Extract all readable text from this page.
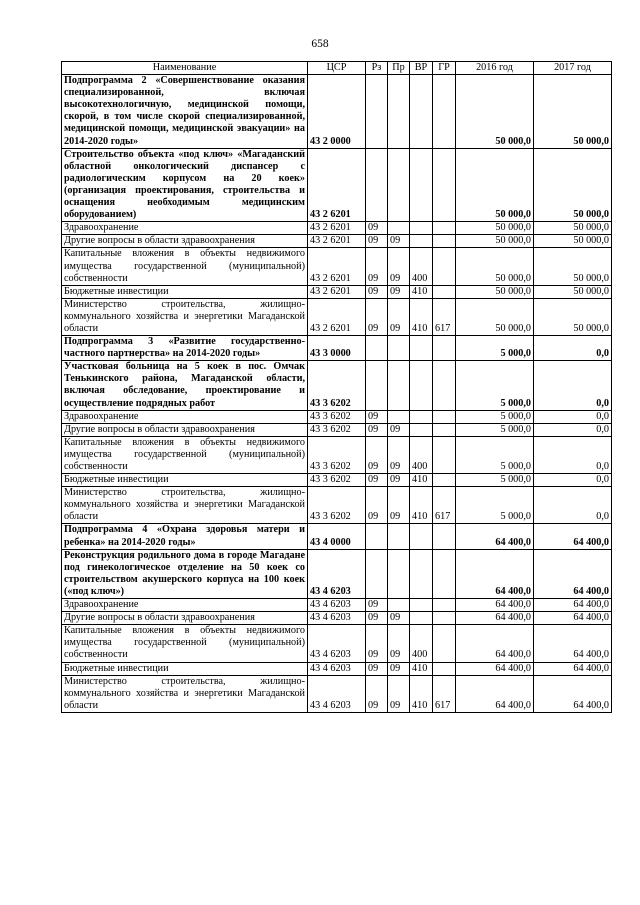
658
Наименование	ЦСР	Рз	Пр	ВР	ГР	2016 год	2017 год
Подпрограмма 2 «Совершенствование оказания специализированной, включая высокотехнологичную, медицинской помощи, скорой, в том числе скорой специализированной, медицинской помощи, медицинской эвакуации» на 2014-2020 годы»	43 2 0000					50 000,0	50 000,0
Строительство объекта «под ключ» «Магаданский областной онкологический диспансер с радиологическим корпусом на 20 коек» (организация проектирования, строительства и оснащения необходимым медицинским оборудованием)	43 2 6201					50 000,0	50 000,0
Здравоохранение	43 2 6201	09				50 000,0	50 000,0
Другие вопросы в области здравоохранения	43 2 6201	09	09			50 000,0	50 000,0
Капитальные вложения в объекты недвижимого имущества государственной (муниципальной) собственности	43 2 6201	09	09	400		50 000,0	50 000,0
Бюджетные инвестиции	43 2 6201	09	09	410		50 000,0	50 000,0
Министерство строительства, жилищно-коммунального хозяйства и энергетики Магаданской области	43 2 6201	09	09	410	617	50 000,0	50 000,0
Подпрограмма 3 «Развитие государственно-частного партнерства» на 2014-2020 годы»	43 3 0000					5 000,0	0,0
Участковая больница на 5 коек в пос. Омчак Тенькинского района, Магаданской области, включая обследование, проектирование и осуществление подрядных работ	43 3 6202					5 000,0	0,0
Здравоохранение	43 3 6202	09				5 000,0	0,0
Другие вопросы в области здравоохранения	43 3 6202	09	09			5 000,0	0,0
Капитальные вложения в объекты недвижимого имущества государственной (муниципальной) собственности	43 3 6202	09	09	400		5 000,0	0,0
Бюджетные инвестиции	43 3 6202	09	09	410		5 000,0	0,0
Министерство строительства, жилищно-коммунального хозяйства и энергетики Магаданской области	43 3 6202	09	09	410	617	5 000,0	0,0
Подпрограмма 4 «Охрана здоровья матери и ребенка» на 2014-2020 годы»	43 4 0000					64 400,0	64 400,0
Реконструкция родильного дома в городе Магадане под гинекологическое отделение на 50 коек со строительством акушерского корпуса на 100 коек («под ключ»)	43 4 6203					64 400,0	64 400,0
Здравоохранение	43 4 6203	09				64 400,0	64 400,0
Другие вопросы в области здравоохранения	43 4 6203	09	09			64 400,0	64 400,0
Капитальные вложения в объекты недвижимого имущества государственной (муниципальной) собственности	43 4 6203	09	09	400		64 400,0	64 400,0
Бюджетные инвестиции	43 4 6203	09	09	410		64 400,0	64 400,0
Министерство строительства, жилищно-коммунального хозяйства и энергетики Магаданской области	43 4 6203	09	09	410	617	64 400,0	64 400,0
